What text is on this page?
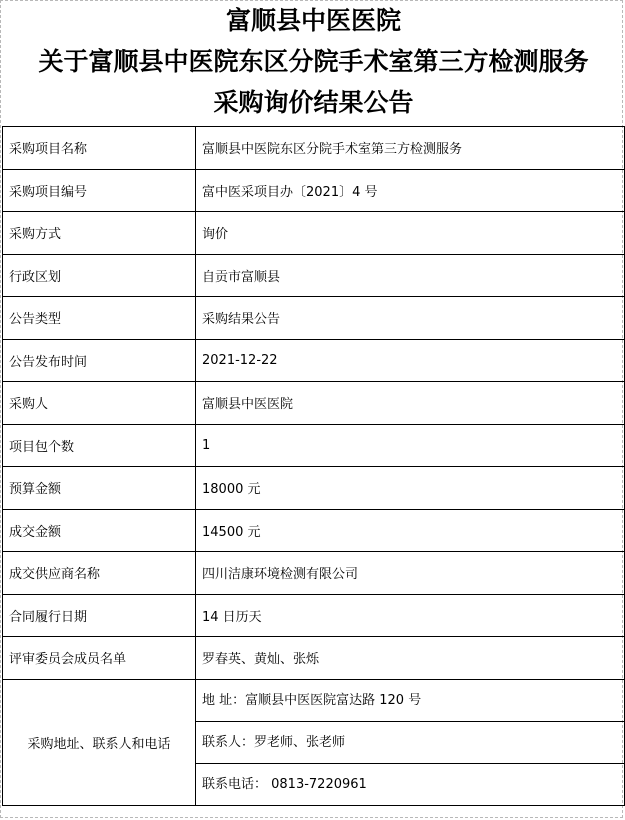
富顺县中医医院
关于富顺县中医院东区分院手术室第三方检测服务
采购询价结果公告
采购项目名称	富顺县中医院东区分院手术室第三方检测服务
采购项目编号	富中医采项目办〔2021〕4 号
采购方式	询价
行政区划	自贡市富顺县
公告类型	采购结果公告
公告发布时间	2021-12-22
采购人	富顺县中医医院
项目包个数	1
预算金额	18000 元
成交金额	14500 元
成交供应商名称	四川洁康环境检测有限公司
合同履行日期	14 日历天
评审委员会成员名单	罗春英、黄灿、张烁
采购地址、联系人和电话	地 址：富顺县中医医院富达路 120 号
联系人：罗老师、张老师
联系电话： 0813-7220961
